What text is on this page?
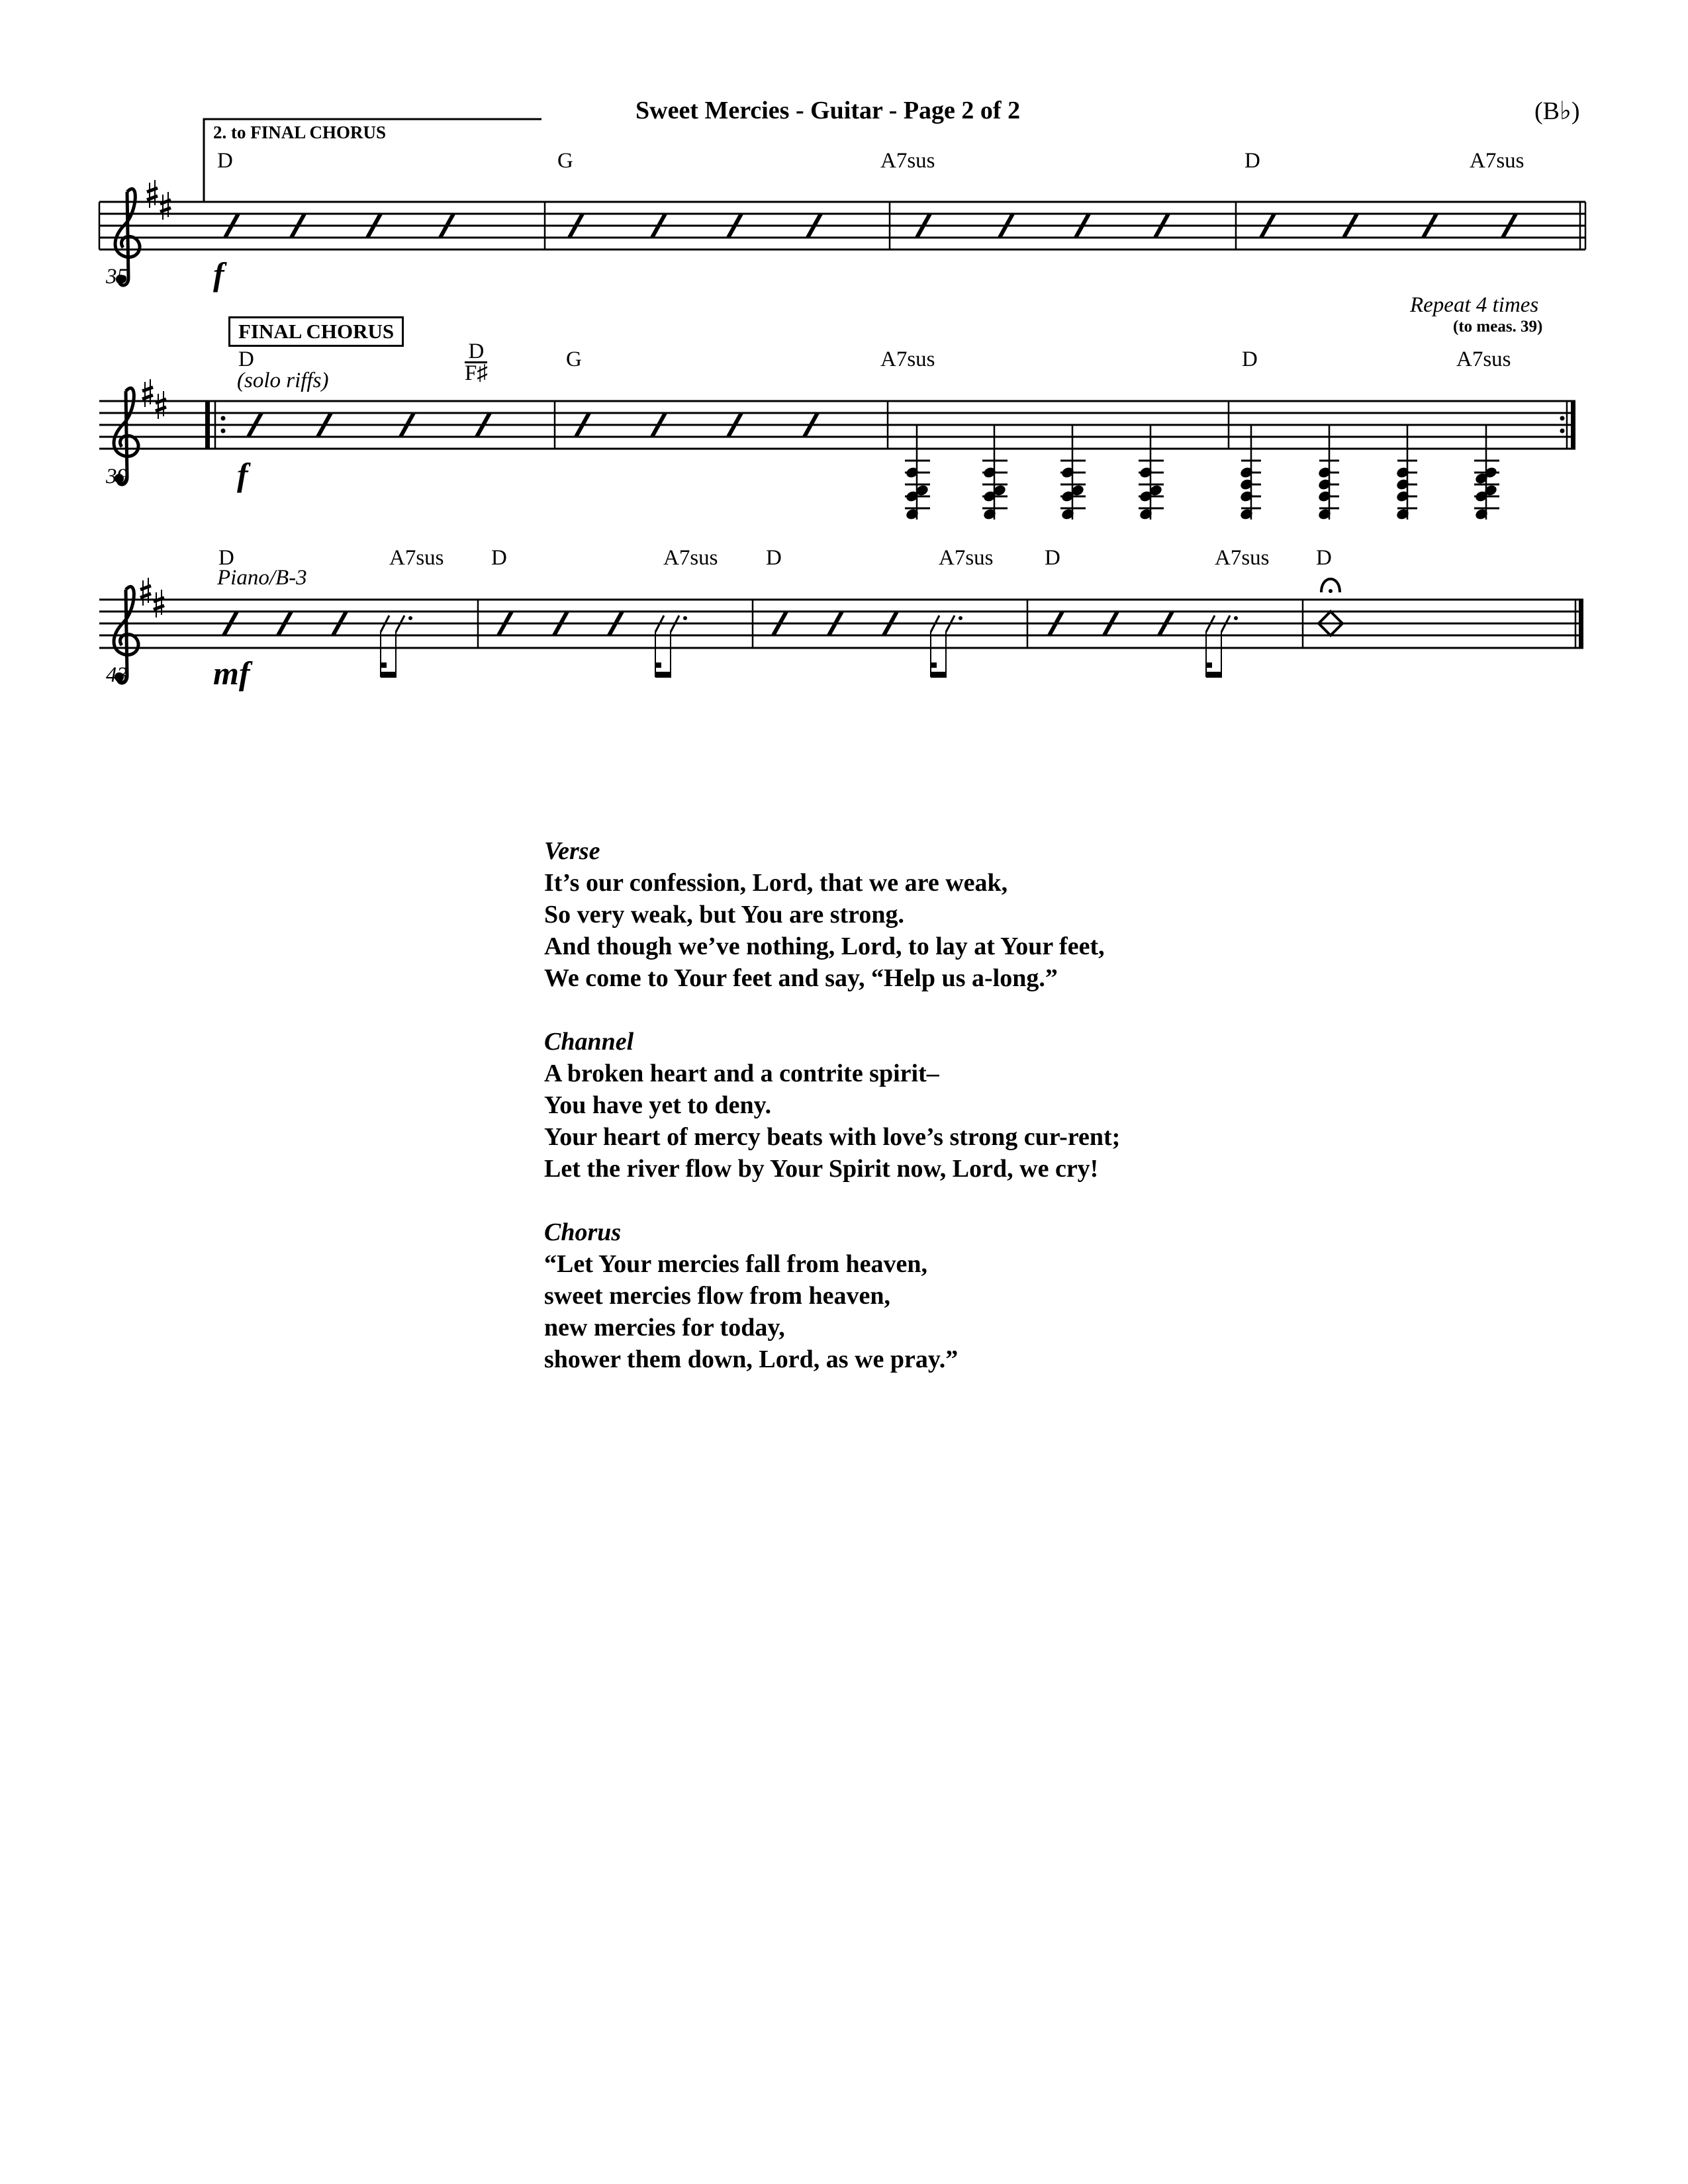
Sweet Mercies - Guitar - Page 2 of 2	(B♭)
2. to FINAL CHORUS
D	G	A7sus	D	A7sus
35	f
FINAL CHORUS
Repeat 4 times
(to meas. 39)
D
(solo riffs)
D
F♯
G	A7sus	D	A7sus
39	f
D
Piano/B-3
A7sus D	A7sus D	A7sus D	A7sus D
43	mf
Verse
It’s our confession, Lord, that we are weak,
So very weak, but You are strong.
And though we’ve nothing, Lord, to lay at Your feet,
We come to Your feet and say, “Help us a-long.”
Channel
A broken heart and a contrite spirit–
You have yet to deny.
Your heart of mercy beats with love’s strong cur-rent;
Let the river flow by Your Spirit now, Lord, we cry!
Chorus
“Let Your mercies fall from heaven,
sweet mercies flow from heaven,
new mercies for today,
shower them down, Lord, as we pray.”
